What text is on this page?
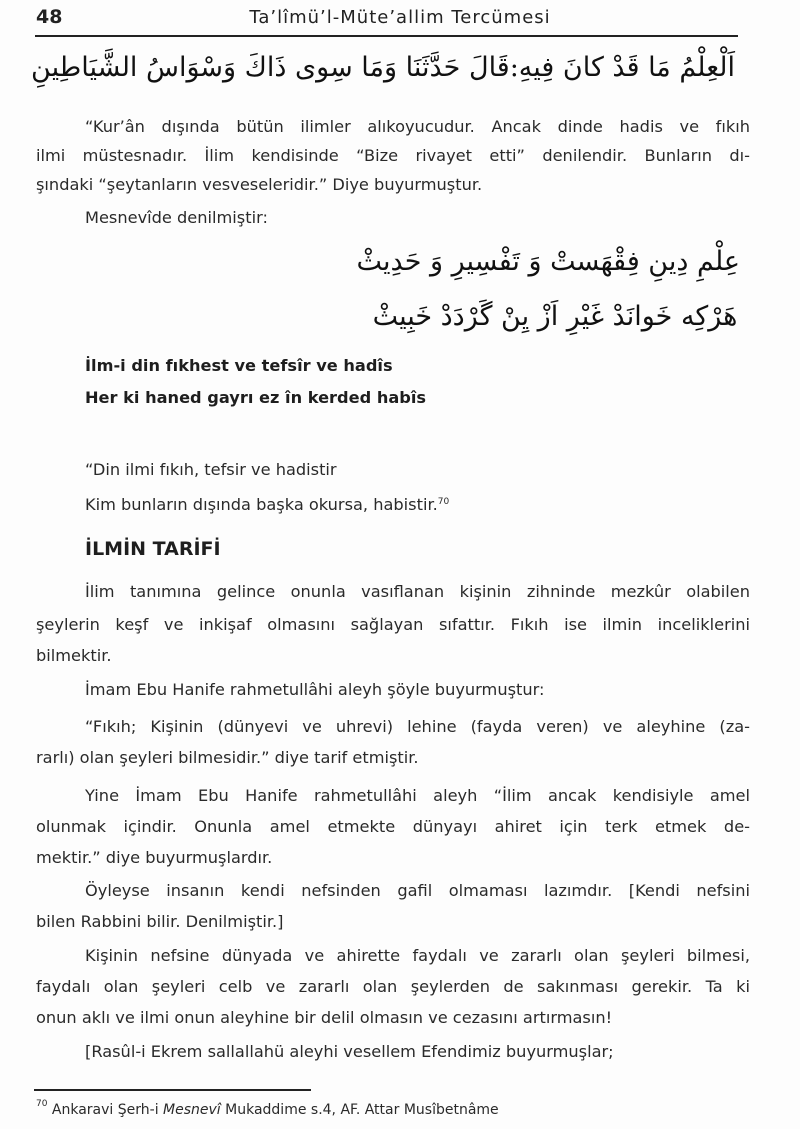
48	Ta’lîmü’l-Müte’allim Tercümesi
اَلْعِلْمُ مَا قَدْ كانَ فِيهِ:قَالَ حَدَّثَنَا وَمَا سِوى ذَاكَ وَسْوَاسُ الشَّيَاطِينِ
“Kur’ân dışında bütün ilimler alıkoyucudur. Ancak dinde hadis ve fıkıh
ilmi müstesnadır. İlim kendisinde “Bize rivayet etti” denilendir. Bunların dı-
şındaki “şeytanların vesveseleridir.” Diye buyurmuştur.
Mesnevîde denilmiştir:
عِلْمِ دِينِ فِقْهَستْ وَ تَفْسِيرِ وَ حَدِيثْ
هَرْكِه خَوانَدْ غَيْرِ اَزْ يِنْ گَرْدَدْ خَبِيثْ
İlm-i din fıkhest ve tefsîr ve hadîs
Her ki haned gayrı ez în kerded habîs
“Din ilmi fıkıh, tefsir ve hadistir
Kim bunların dışında başka okursa, habistir.$^{70}$
İLMİN TARİFİ
İlim tanımına gelince onunla vasıflanan kişinin zihninde mezkûr olabilen
şeylerin keşf ve inkişaf olmasını sağlayan sıfattır. Fıkıh ise ilmin inceliklerini
bilmektir.
İmam Ebu Hanife rahmetullâhi aleyh şöyle buyurmuştur:
“Fıkıh; Kişinin (dünyevi ve uhrevi) lehine (fayda veren) ve aleyhine (za-
rarlı) olan şeyleri bilmesidir.” diye tarif etmiştir.
Yine İmam Ebu Hanife rahmetullâhi aleyh “İlim ancak kendisiyle amel
olunmak içindir. Onunla amel etmekte dünyayı ahiret için terk etmek de-
mektir.” diye buyurmuşlardır.
Öyleyse insanın kendi nefsinden gafil olmaması lazımdır. [Kendi nefsini
bilen Rabbini bilir. Denilmiştir.]
Kişinin nefsine dünyada ve ahirette faydalı ve zararlı olan şeyleri bilmesi,
faydalı olan şeyleri celb ve zararlı olan şeylerden de sakınması gerekir. Ta ki
onun aklı ve ilmi onun aleyhine bir delil olmasın ve cezasını artırmasın!
[Rasûl-i Ekrem sallallahü aleyhi vesellem Efendimiz buyurmuşlar;
$^{70}$ Ankaravi Şerh-i Mesnevî Mukaddime s.4, AF. Attar Musîbetnâme
